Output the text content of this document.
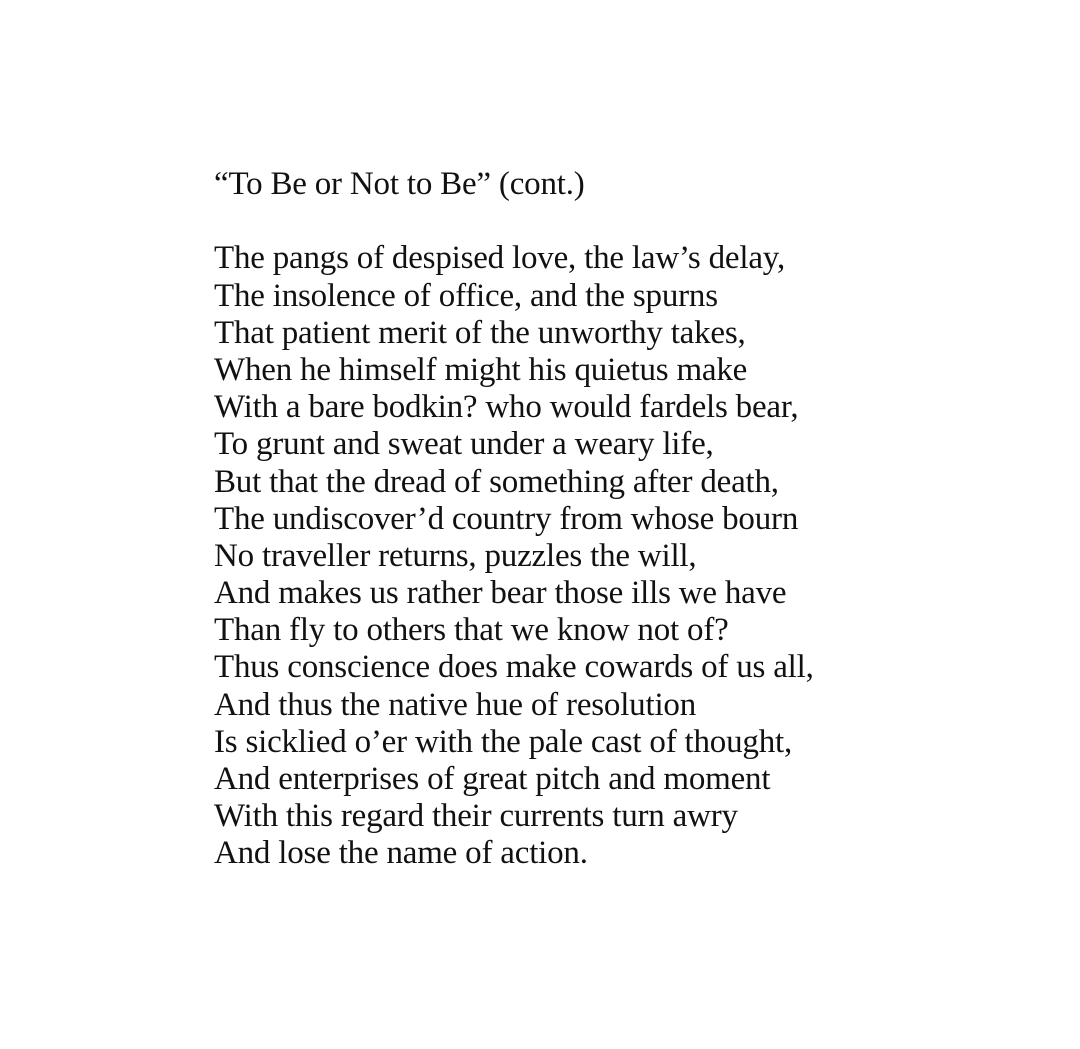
“To Be or Not to Be” (cont.)
The pangs of despised love, the law’s delay,
The insolence of office, and the spurns
That patient merit of the unworthy takes,
When he himself might his quietus make
With a bare bodkin? who would fardels bear,
To grunt and sweat under a weary life,
But that the dread of something after death,
The undiscover’d country from whose bourn
No traveller returns, puzzles the will,
And makes us rather bear those ills we have
Than fly to others that we know not of?
Thus conscience does make cowards of us all,
And thus the native hue of resolution
Is sicklied o’er with the pale cast of thought,
And enterprises of great pitch and moment
With this regard their currents turn awry
And lose the name of action.
